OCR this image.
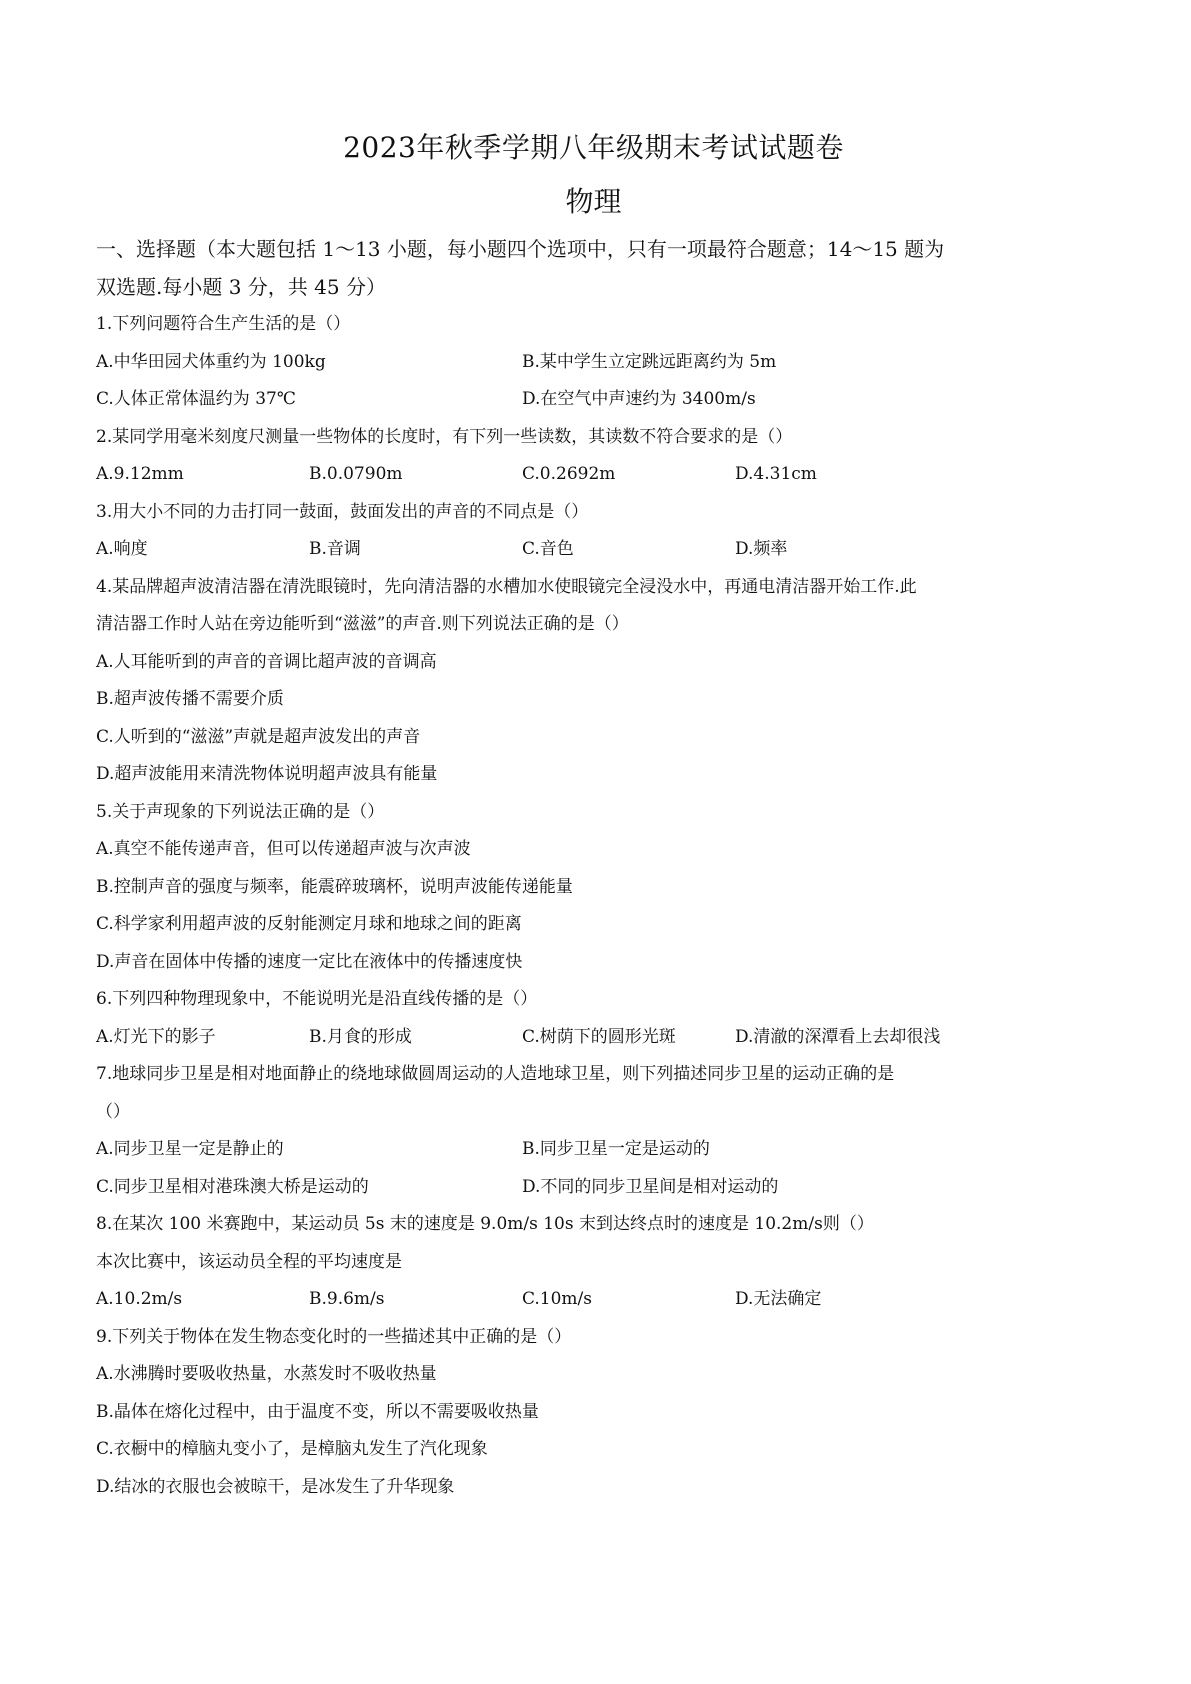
2023年秋季学期八年级期末考试试题卷
物理
一、选择题（本大题包括 1～13 小题，每小题四个选项中，只有一项最符合题意；14～15 题为
双选题.每小题 3 分，共 45 分）
1.下列问题符合生产生活的是（）
A.中华田园犬体重约为 100kg	B.某中学生立定跳远距离约为 5m
C.人体正常体温约为 37℃	D.在空气中声速约为 3400m/s
2.某同学用毫米刻度尺测量一些物体的长度时，有下列一些读数，其读数不符合要求的是（）
A.9.12mm	B.0.0790m	C.0.2692m	D.4.31cm
3.用大小不同的力击打同一鼓面，鼓面发出的声音的不同点是（）
A.响度	B.音调	C.音色	D.频率
4.某品牌超声波清洁器在清洗眼镜时，先向清洁器的水槽加水使眼镜完全浸没水中，再通电清洁器开始工作.此
清洁器工作时人站在旁边能听到“滋滋”的声音.则下列说法正确的是（）
A.人耳能听到的声音的音调比超声波的音调高
B.超声波传播不需要介质
C.人听到的“滋滋”声就是超声波发出的声音
D.超声波能用来清洗物体说明超声波具有能量
5.关于声现象的下列说法正确的是（）
A.真空不能传递声音，但可以传递超声波与次声波
B.控制声音的强度与频率，能震碎玻璃杯，说明声波能传递能量
C.科学家利用超声波的反射能测定月球和地球之间的距离
D.声音在固体中传播的速度一定比在液体中的传播速度快
6.下列四种物理现象中，不能说明光是沿直线传播的是（）
A.灯光下的影子	B.月食的形成	C.树荫下的圆形光斑	D.清澈的深潭看上去却很浅
7.地球同步卫星是相对地面静止的绕地球做圆周运动的人造地球卫星，则下列描述同步卫星的运动正确的是
（）
A.同步卫星一定是静止的	B.同步卫星一定是运动的
C.同步卫星相对港珠澳大桥是运动的	D.不同的同步卫星间是相对运动的
8.在某次 100 米赛跑中，某运动员 5s 末的速度是 9.0m/s 10s 末到达终点时的速度是 10.2m/s则（）
本次比赛中，该运动员全程的平均速度是
A.10.2m/s	B.9.6m/s	C.10m/s	D.无法确定
9.下列关于物体在发生物态变化时的一些描述其中正确的是（）
A.水沸腾时要吸收热量，水蒸发时不吸收热量
B.晶体在熔化过程中，由于温度不变，所以不需要吸收热量
C.衣橱中的樟脑丸变小了，是樟脑丸发生了汽化现象
D.结冰的衣服也会被晾干，是冰发生了升华现象
